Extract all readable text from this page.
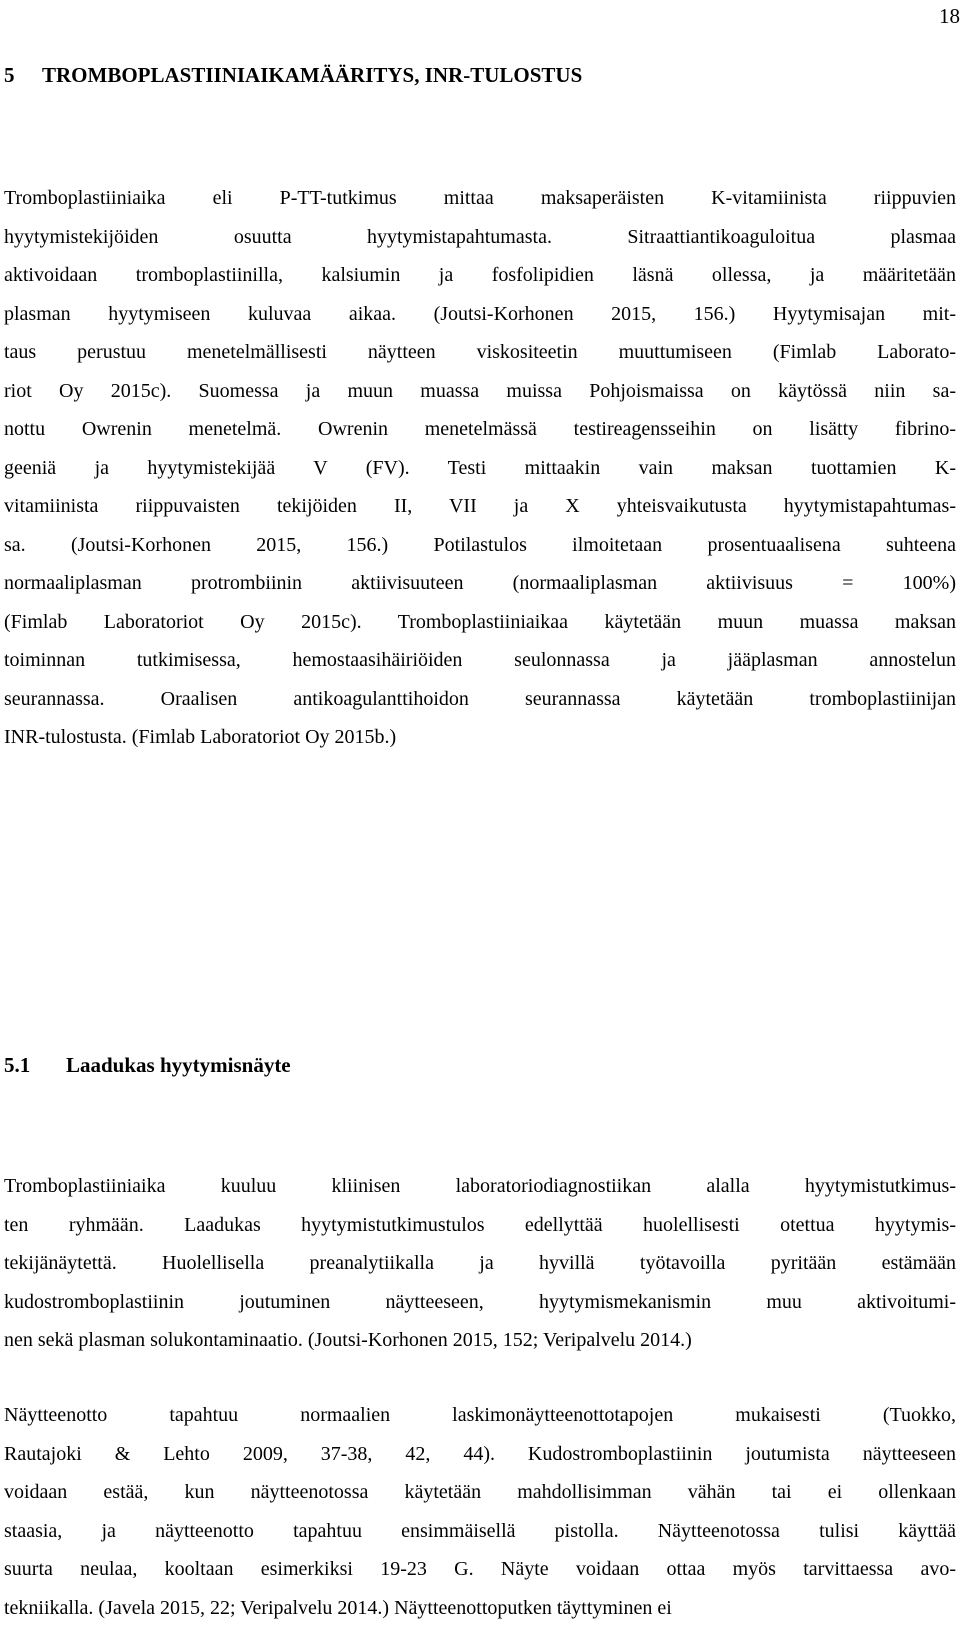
18
5 TROMBOPLASTIINIAIKAMÄÄRITYS, INR-TULOSTUS
Tromboplastiiniaika eli P-TT-tutkimus mittaa maksaperäisten K-vitamiinista riippuvien
hyytymistekijöiden osuutta hyytymistapahtumasta. Sitraattiantikoaguloitua plasmaa
aktivoidaan tromboplastiinilla, kalsiumin ja fosfolipidien läsnä ollessa, ja määritetään
plasman hyytymiseen kuluvaa aikaa. (Joutsi-Korhonen 2015, 156.) Hyytymisajan mit-
taus perustuu menetelmällisesti näytteen viskositeetin muuttumiseen (Fimlab Laborato-
riot Oy 2015c). Suomessa ja muun muassa muissa Pohjoismaissa on käytössä niin sa-
nottu Owrenin menetelmä. Owrenin menetelmässä testireagensseihin on lisätty fibrino-
geeniä ja hyytymistekijää V (FV). Testi mittaakin vain maksan tuottamien K-
vitamiinista riippuvaisten tekijöiden II, VII ja X yhteisvaikutusta hyytymistapahtumas-
sa. (Joutsi-Korhonen 2015, 156.) Potilastulos ilmoitetaan prosentuaalisena suhteena
normaaliplasman protrombiinin aktiivisuuteen (normaaliplasman aktiivisuus = 100%)
(Fimlab Laboratoriot Oy 2015c). Tromboplastiiniaikaa käytetään muun muassa maksan
toiminnan tutkimisessa, hemostaasihäiriöiden seulonnassa ja jääplasman annostelun
seurannassa. Oraalisen antikoagulanttihoidon seurannassa käytetään tromboplastiinijan
INR-tulostusta. (Fimlab Laboratoriot Oy 2015b.)
5.1 Laadukas hyytymisnäyte
Tromboplastiiniaika kuuluu kliinisen laboratoriodiagnostiikan alalla hyytymistutkimus-
ten ryhmään. Laadukas hyytymistutkimustulos edellyttää huolellisesti otettua hyytymis-
tekijänäytettä. Huolellisella preanalytiikalla ja hyvillä työtavoilla pyritään estämään
kudostromboplastiinin joutuminen näytteeseen, hyytymismekanismin muu aktivoitumi-
nen sekä plasman solukontaminaatio. (Joutsi-Korhonen 2015, 152; Veripalvelu 2014.)
Näytteenotto tapahtuu normaalien laskimonäytteenottotapojen mukaisesti (Tuokko,
Rautajoki & Lehto 2009, 37-38, 42, 44). Kudostromboplastiinin joutumista näytteeseen
voidaan estää, kun näytteenotossa käytetään mahdollisimman vähän tai ei ollenkaan
staasia, ja näytteenotto tapahtuu ensimmäisellä pistolla. Näytteenotossa tulisi käyttää
suurta neulaa, kooltaan esimerkiksi 19-23 G. Näyte voidaan ottaa myös tarvittaessa avo-
tekniikalla. (Javela 2015, 22; Veripalvelu 2014.) Näytteenottoputken täyttyminen ei
